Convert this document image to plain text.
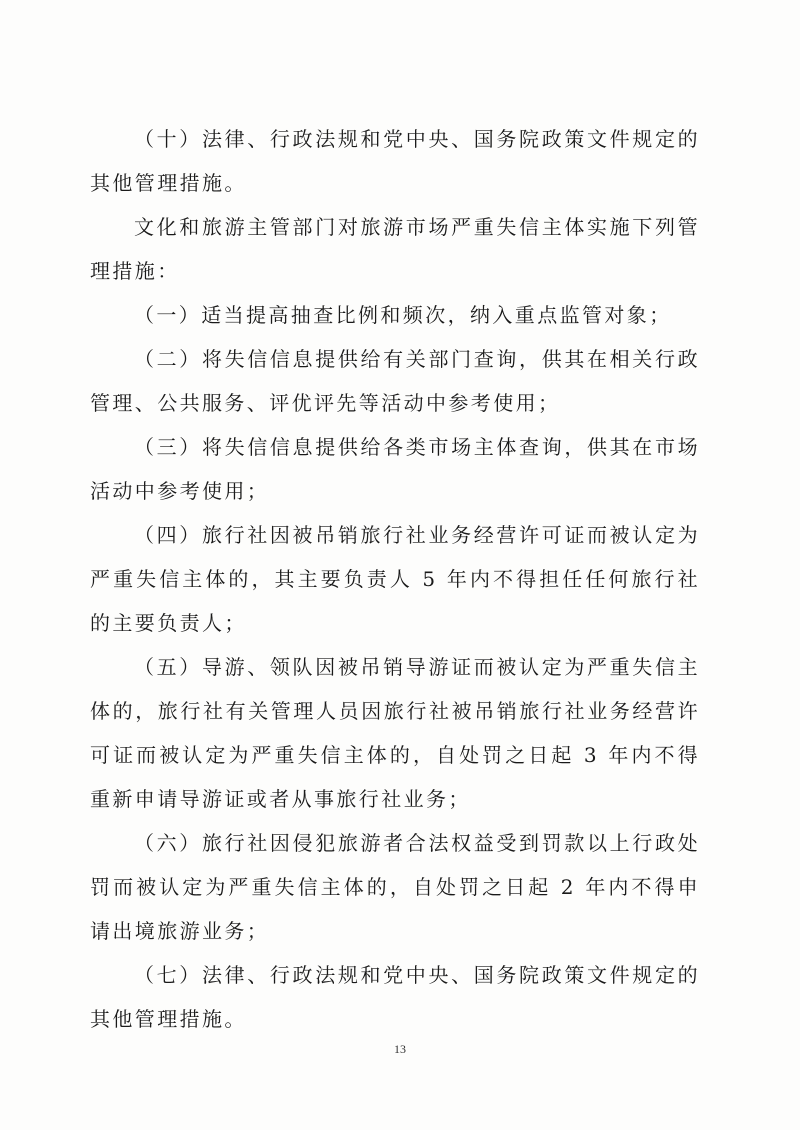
（十）法律、行政法规和党中央、国务院政策文件规定的其他管理措施。

文化和旅游主管部门对旅游市场严重失信主体实施下列管理措施：

（一）适当提高抽查比例和频次，纳入重点监管对象；

（二）将失信信息提供给有关部门查询，供其在相关行政管理、公共服务、评优评先等活动中参考使用；

（三）将失信信息提供给各类市场主体查询，供其在市场活动中参考使用；

（四）旅行社因被吊销旅行社业务经营许可证而被认定为严重失信主体的，其主要负责人 5 年内不得担任任何旅行社的主要负责人；

（五）导游、领队因被吊销导游证而被认定为严重失信主体的，旅行社有关管理人员因旅行社被吊销旅行社业务经营许可证而被认定为严重失信主体的，自处罚之日起 3 年内不得重新申请导游证或者从事旅行社业务；

（六）旅行社因侵犯旅游者合法权益受到罚款以上行政处罚而被认定为严重失信主体的，自处罚之日起 2 年内不得申请出境旅游业务；

（七）法律、行政法规和党中央、国务院政策文件规定的其他管理措施。

13
